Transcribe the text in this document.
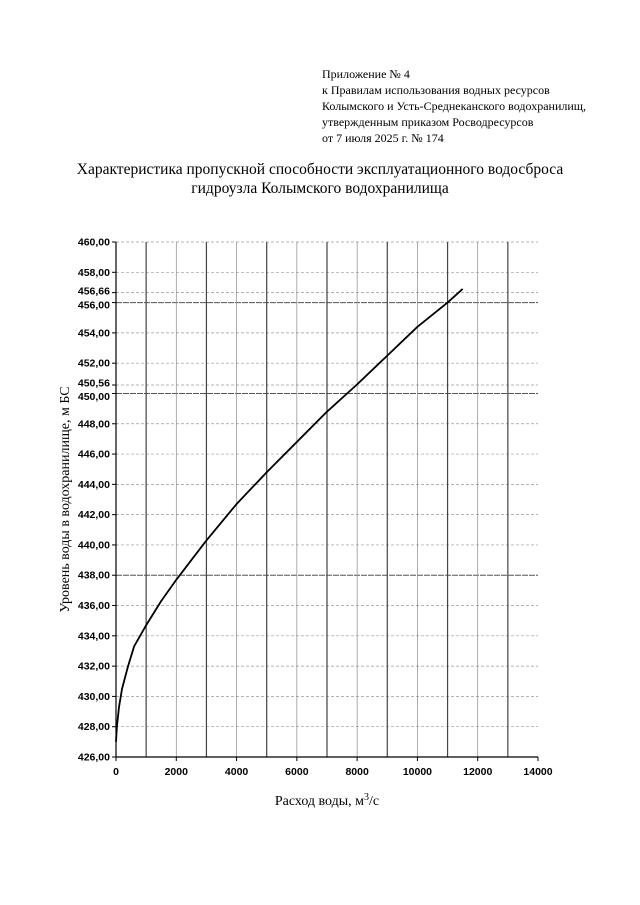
Приложение № 4
к Правилам использования водных ресурсов
Колымского и Усть-Среднеканского водохранилищ,
утвержденным приказом Росводресурсов
от 7 июля 2025 г. № 174
Характеристика пропускной способности эксплуатационного водосброса
гидроузла Колымского водохранилища
426,00
428,00
430,00
432,00
434,00
436,00
438,00
440,00
442,00
444,00
446,00
448,00
450,00
450,56
452,00
454,00
456,00
456,66
458,00
460,00
0	2000	4000	6000	8000	10000	12000	14000
Расход воды, $м^3/с$
Уровень воды в водохранилище, м БС
